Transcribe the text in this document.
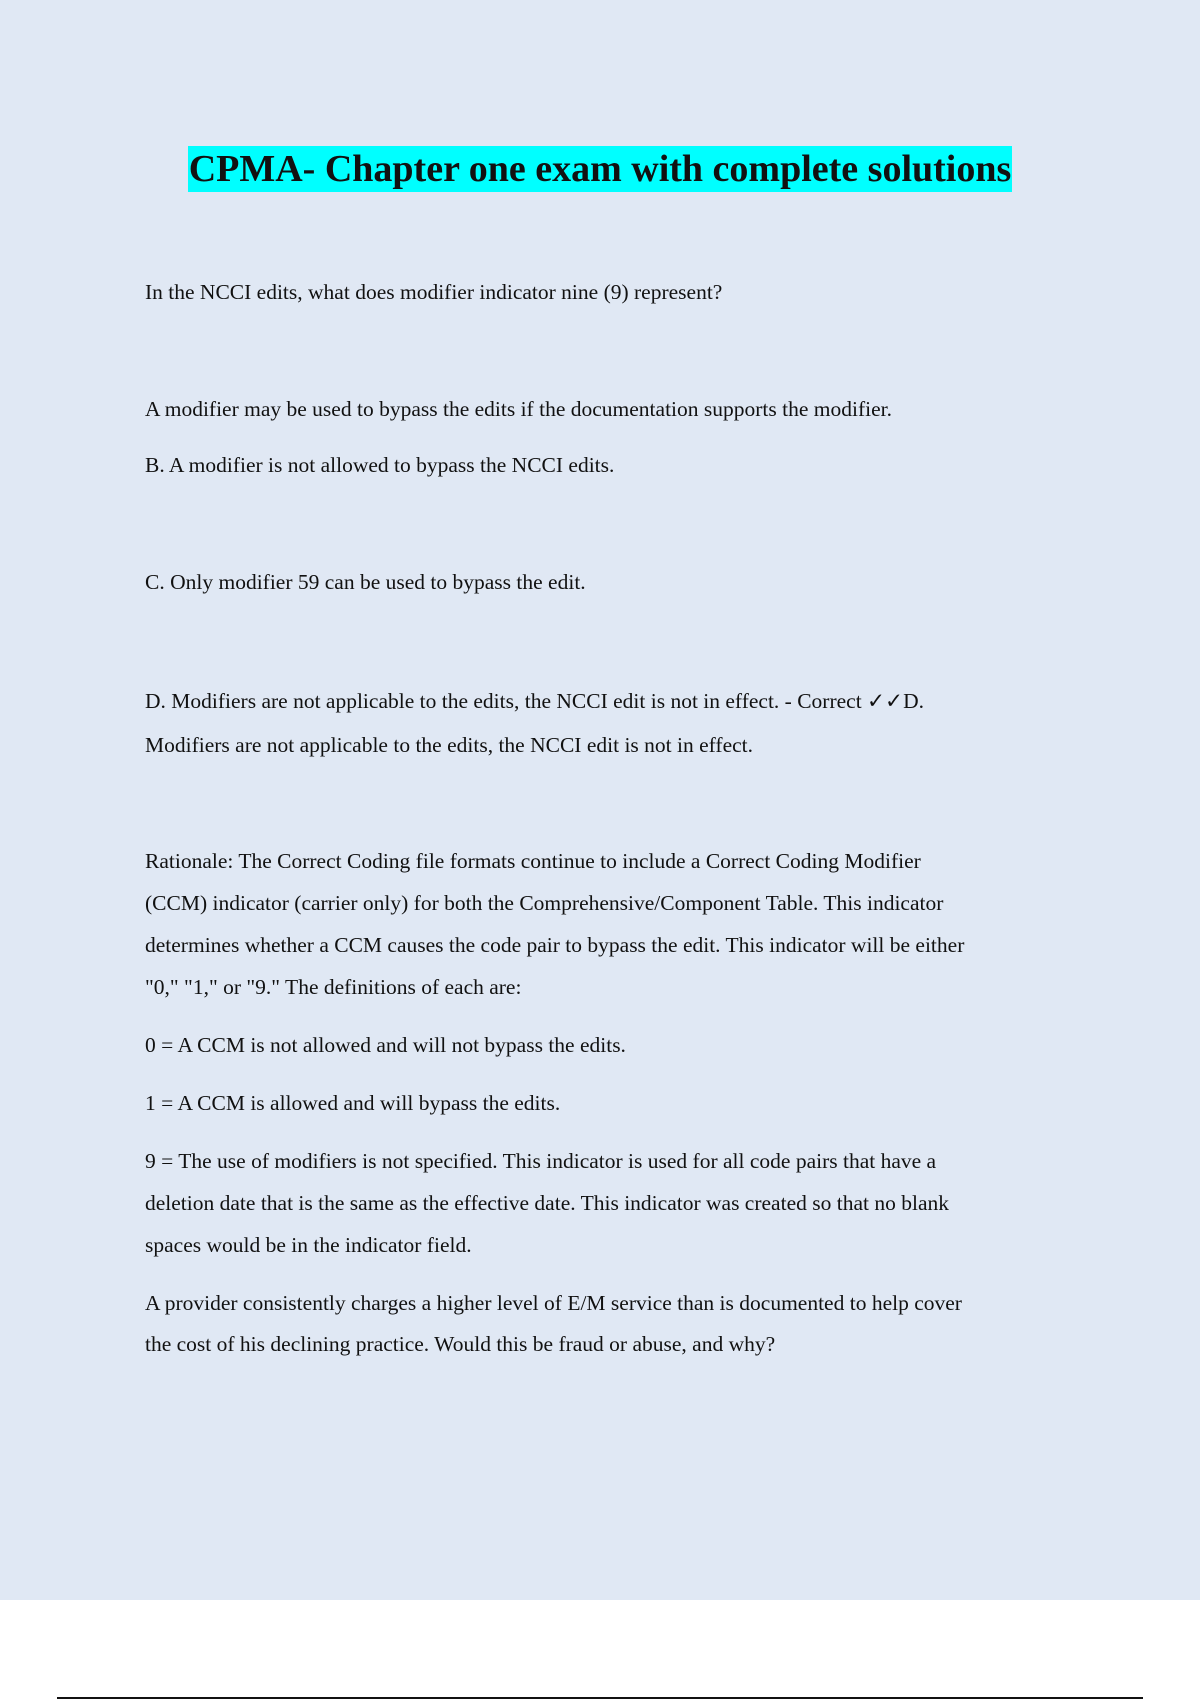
CPMA- Chapter one exam with complete solutions

In the NCCI edits, what does modifier indicator nine (9) represent?

A modifier may be used to bypass the edits if the documentation supports the modifier.

B. A modifier is not allowed to bypass the NCCI edits.

C. Only modifier 59 can be used to bypass the edit.

D. Modifiers are not applicable to the edits, the NCCI edit is not in effect. - Correct ✓✓D.

Modifiers are not applicable to the edits, the NCCI edit is not in effect.

Rationale: The Correct Coding file formats continue to include a Correct Coding Modifier

(CCM) indicator (carrier only) for both the Comprehensive/Component Table. This indicator

determines whether a CCM causes the code pair to bypass the edit. This indicator will be either

"0," "1," or "9." The definitions of each are:

0 = A CCM is not allowed and will not bypass the edits.

1 = A CCM is allowed and will bypass the edits.

9 = The use of modifiers is not specified. This indicator is used for all code pairs that have a

deletion date that is the same as the effective date. This indicator was created so that no blank

spaces would be in the indicator field.

A provider consistently charges a higher level of E/M service than is documented to help cover

the cost of his declining practice. Would this be fraud or abuse, and why?
